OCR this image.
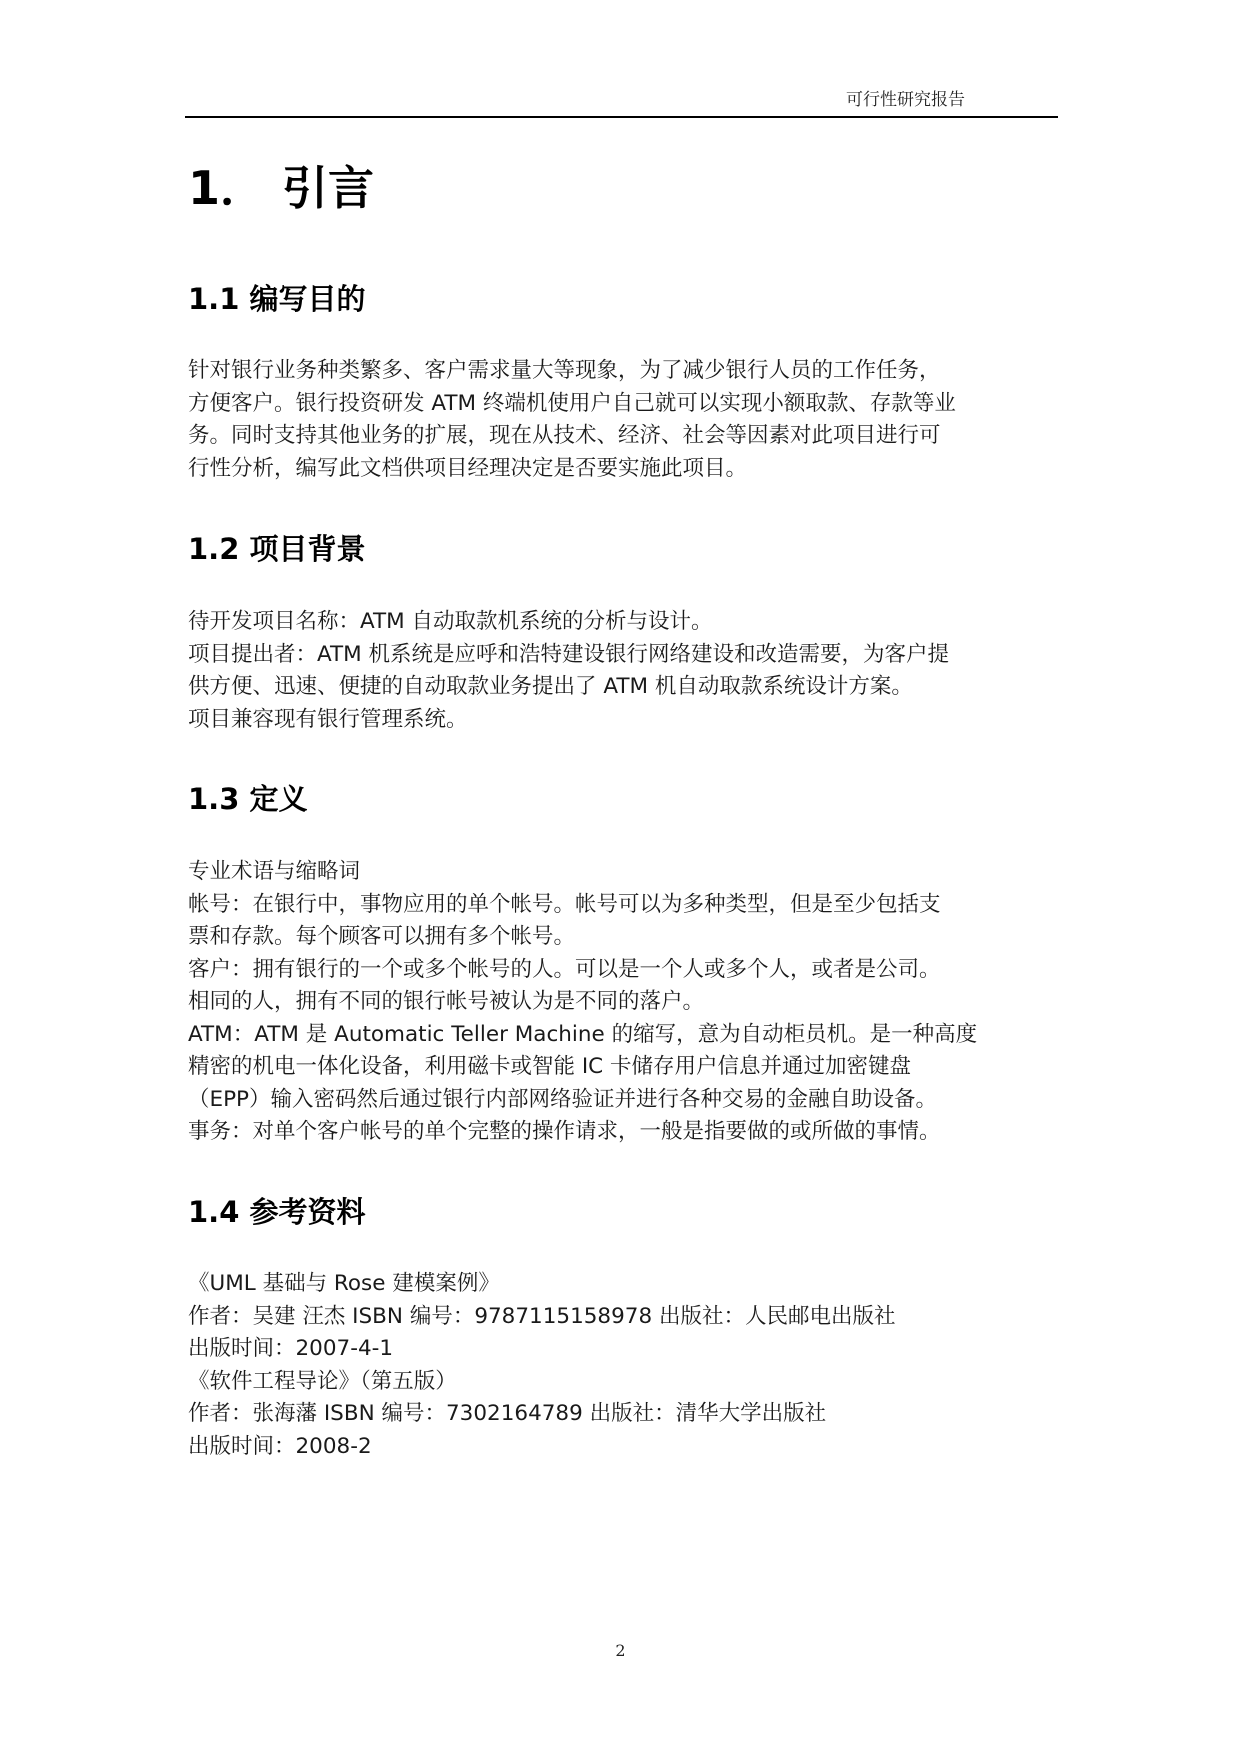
可行性研究报告
1． 引言
1.1 编写目的
针对银行业务种类繁多、客户需求量大等现象，为了减少银行人员的工作任务，
方便客户。银行投资研发 ATM 终端机使用户自己就可以实现小额取款、存款等业
务。同时支持其他业务的扩展，现在从技术、经济、社会等因素对此项目进行可
行性分析，编写此文档供项目经理决定是否要实施此项目。
1.2 项目背景
待开发项目名称：ATM 自动取款机系统的分析与设计。
项目提出者：ATM 机系统是应呼和浩特建设银行网络建设和改造需要，为客户提
供方便、迅速、便捷的自动取款业务提出了 ATM 机自动取款系统设计方案。
项目兼容现有银行管理系统。
1.3 定义
专业术语与缩略词
帐号：在银行中，事物应用的单个帐号。帐号可以为多种类型，但是至少包括支
票和存款。每个顾客可以拥有多个帐号。
客户：拥有银行的一个或多个帐号的人。可以是一个人或多个人，或者是公司。
相同的人，拥有不同的银行帐号被认为是不同的落户。
ATM：ATM 是 Automatic Teller Machine 的缩写，意为自动柜员机。是一种高度
精密的机电一体化设备，利用磁卡或智能 IC 卡储存用户信息并通过加密键盘
（EPP）输入密码然后通过银行内部网络验证并进行各种交易的金融自助设备。
事务：对单个客户帐号的单个完整的操作请求，一般是指要做的或所做的事情。
1.4 参考资料
《UML 基础与 Rose 建模案例》
作者：吴建 汪杰 ISBN 编号：9787115158978 出版社：人民邮电出版社
出版时间：2007-4-1
《软件工程导论》（第五版）
作者：张海藩 ISBN 编号：7302164789 出版社：清华大学出版社
出版时间：2008-2
2
